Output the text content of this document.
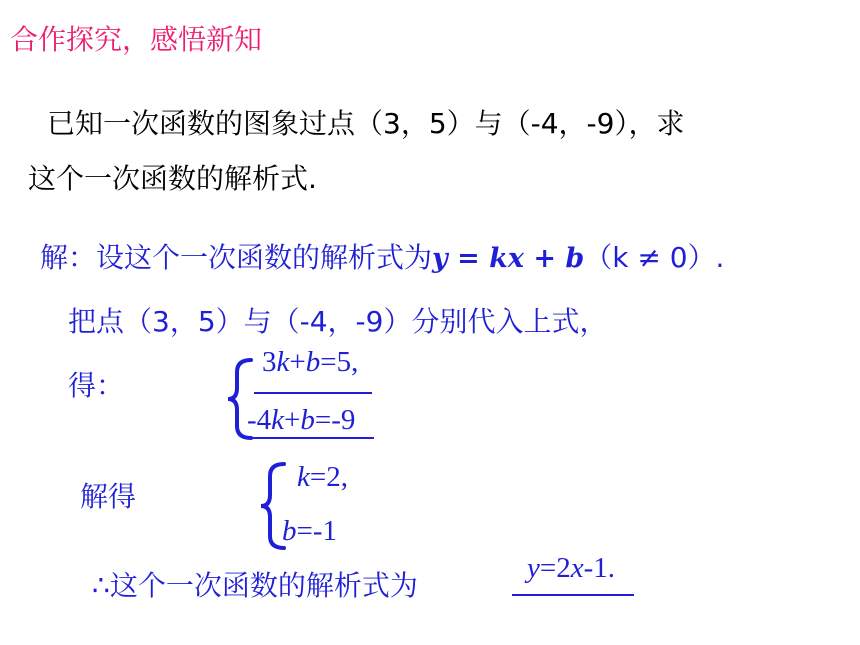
合作探究，感悟新知
已知一次函数的图象过点（3，5）与（-4，-9），求
这个一次函数的解析式.
解：设这个一次函数的解析式为y = kx + b（k ≠ 0）.
把点（3，5）与（-4，-9）分别代入上式，
得：
3k+b=5,
-4k+b=-9
解得
k=2,
b=-1
∴这个一次函数的解析式为
y=2x-1.
